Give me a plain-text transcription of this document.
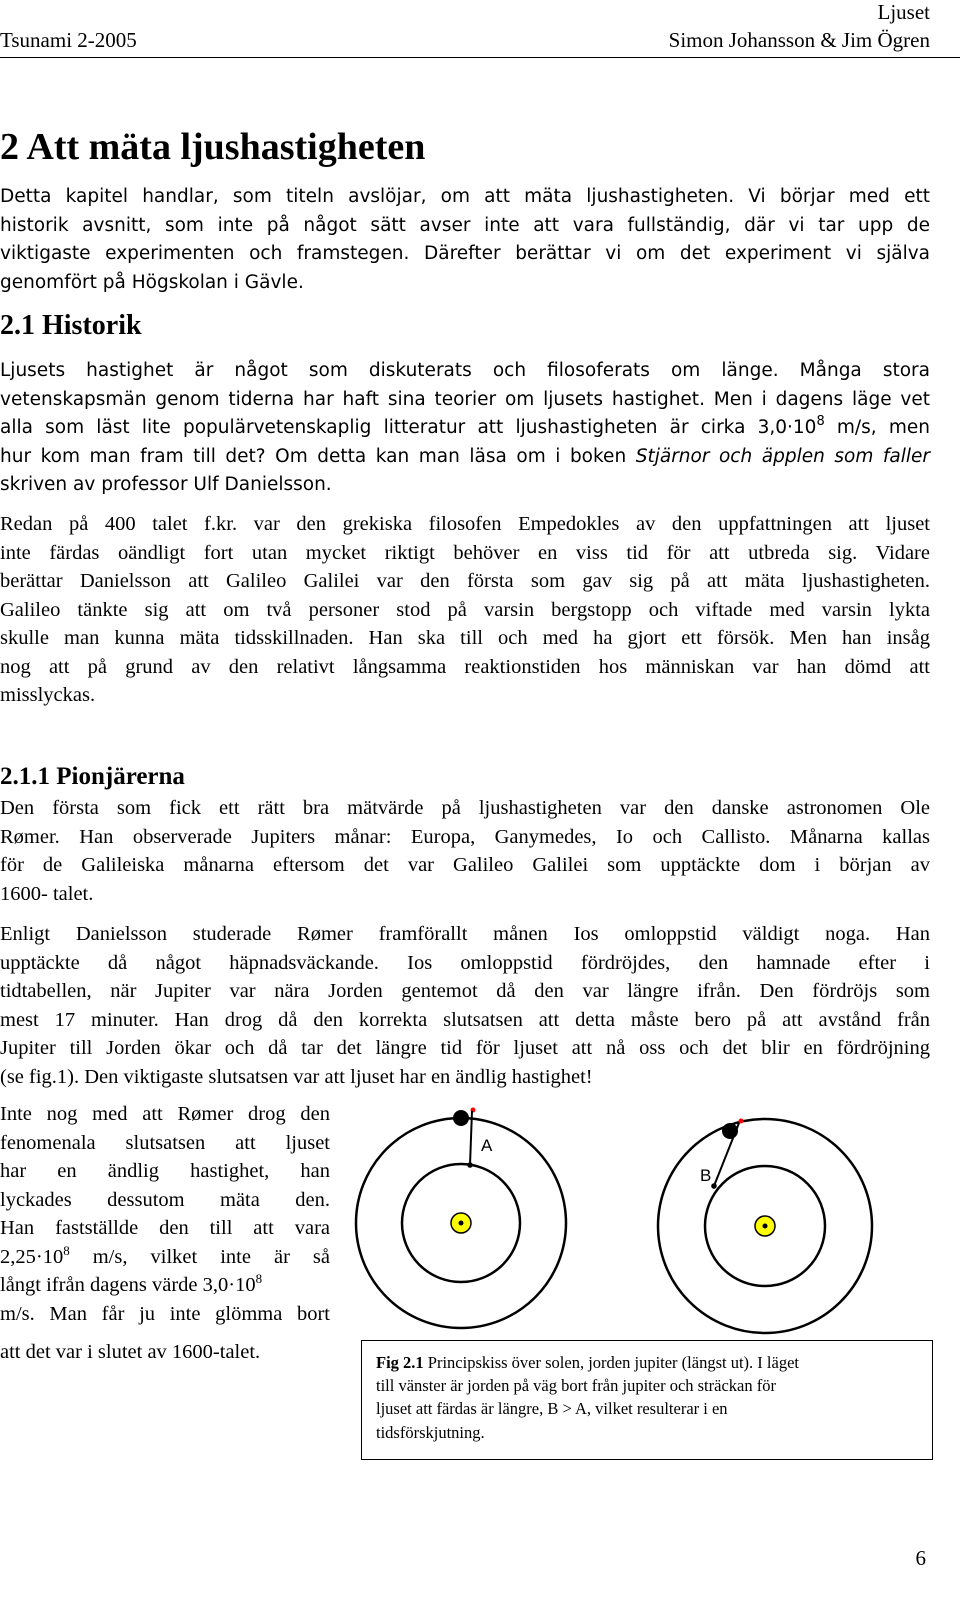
Ljuset
Tsunami 2-2005	Simon Johansson & Jim Ögren
2 Att mäta ljushastigheten
Detta kapitel handlar, som titeln avslöjar, om att mäta ljushastigheten. Vi börjar med ett
historik avsnitt, som inte på något sätt avser inte att vara fullständig, där vi tar upp de
viktigaste experimenten och framstegen. Därefter berättar vi om det experiment vi själva
genomfört på Högskolan i Gävle.
2.1 Historik
Ljusets hastighet är något som diskuterats och filosoferats om länge. Många stora
vetenskapsmän genom tiderna har haft sina teorier om ljusets hastighet. Men i dagens läge vet
alla som läst lite populärvetenskaplig litteratur att ljushastigheten är cirka $3,0\cdot 10^8$ m/s, men
hur kom man fram till det? Om detta kan man läsa om i boken Stjärnor och äpplen som faller
skriven av professor Ulf Danielsson.
Redan på 400 talet f.kr. var den grekiska filosofen Empedokles av den uppfattningen att ljuset
inte färdas oändligt fort utan mycket riktigt behöver en viss tid för att utbreda sig. Vidare
berättar Danielsson att Galileo Galilei var den första som gav sig på att mäta ljushastigheten.
Galileo tänkte sig att om två personer stod på varsin bergstopp och viftade med varsin lykta
skulle man kunna mäta tidsskillnaden. Han ska till och med ha gjort ett försök. Men han insåg
nog att på grund av den relativt långsamma reaktionstiden hos människan var han dömd att
misslyckas.
2.1.1 Pionjärerna
Den första som fick ett rätt bra mätvärde på ljushastigheten var den danske astronomen Ole
Rømer. Han observerade Jupiters månar: Europa, Ganymedes, Io och Callisto. Månarna kallas
för de Galileiska månarna eftersom det var Galileo Galilei som upptäckte dom i början av
1600- talet.
Enligt Danielsson studerade Rømer framförallt månen Ios omloppstid väldigt noga. Han
upptäckte då något häpnadsväckande. Ios omloppstid fördröjdes, den hamnade efter i
tidtabellen, när Jupiter var nära Jorden gentemot då den var längre ifrån. Den fördröjs som
mest 17 minuter. Han drog då den korrekta slutsatsen att detta måste bero på att avstånd från
Jupiter till Jorden ökar och då tar det längre tid för ljuset att nå oss och det blir en fördröjning
(se fig.1). Den viktigaste slutsatsen var att ljuset har en ändlig hastighet!
Inte nog med att Rømer drog den
fenomenala slutsatsen att ljuset
har en ändlig hastighet, han
lyckades dessutom mäta den.
Han fastställde den till att vara
$2,25\cdot 10^8$ m/s, vilket inte är så
långt ifrån dagens värde $3,0\cdot 10^8$
m/s. Man får ju inte glömma bort
att det var i slutet av 1600-talet.
A
B
Fig 2.1 Principskiss över solen, jorden jupiter (längst ut). I läget
till vänster är jorden på väg bort från jupiter och sträckan för
ljuset att färdas är längre, B > A, vilket resulterar i en
tidsförskjutning.
6
